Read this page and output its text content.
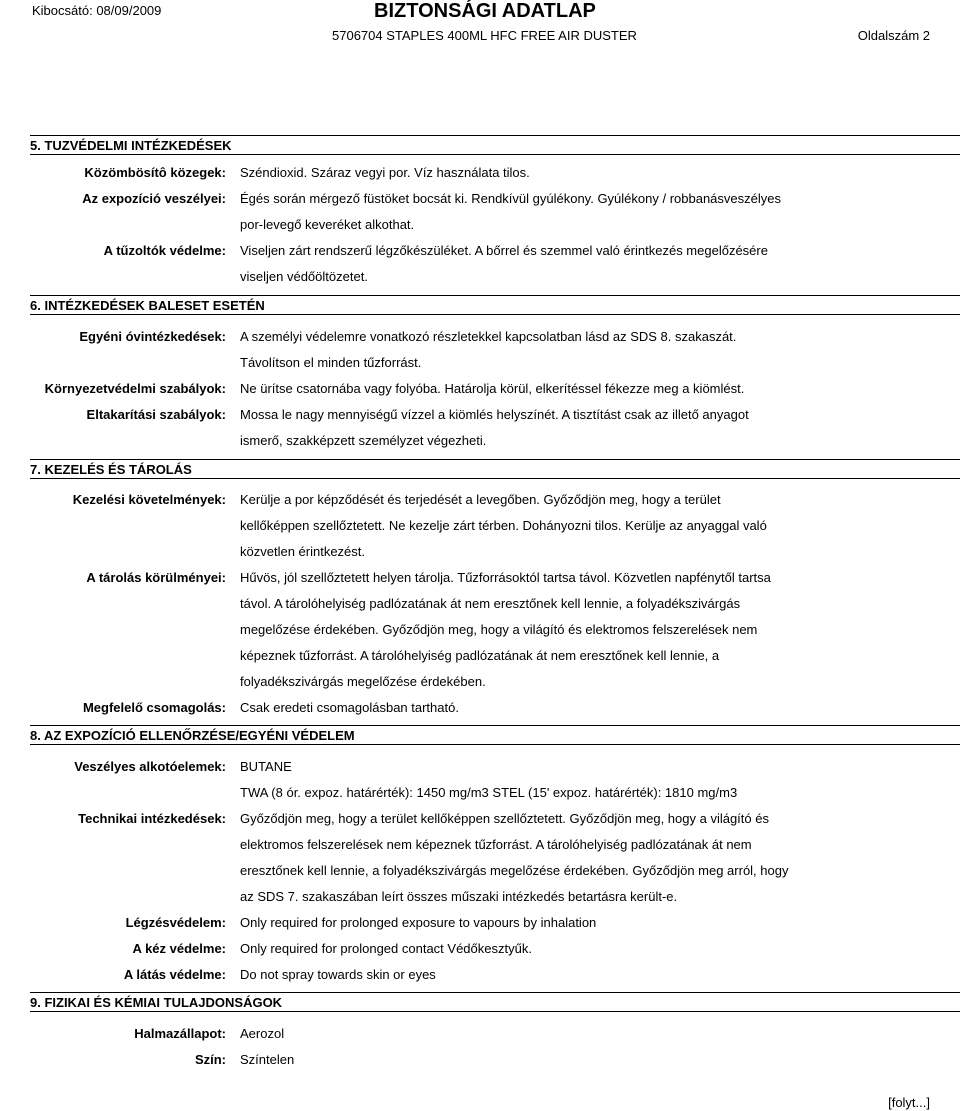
Kibocsátó: 08/09/2009	BIZTONSÁGI ADATLAP
5706704 STAPLES 400ML HFC FREE AIR DUSTER	Oldalszám 2
5. TUZVÉDELMI INTÉZKEDÉSEK
Közömbösítô közegek: Széndioxid. Száraz vegyi por. Víz használata tilos.
Az expozíció veszélyei: Égés során mérgező füstöket bocsát ki. Rendkívül gyúlékony. Gyúlékony / robbanásveszélyes
por-levegő keveréket alkothat.
A tűzoltók védelme: Viseljen zárt rendszerű légzőkészüléket. A bőrrel és szemmel való érintkezés megelőzésére
viseljen védőöltözetet.
6. INTÉZKEDÉSEK BALESET ESETÉN
Egyéni óvintézkedések: A személyi védelemre vonatkozó részletekkel kapcsolatban lásd az SDS 8. szakaszát.
Távolítson el minden tűzforrást.
Környezetvédelmi szabályok: Ne ürítse csatornába vagy folyóba. Határolja körül, elkerítéssel fékezze meg a kiömlést.
Eltakarítási szabályok: Mossa le nagy mennyiségű vízzel a kiömlés helyszínét. A tisztítást csak az illető anyagot
ismerő, szakképzett személyzet végezheti.
7. KEZELÉS ÉS TÁROLÁS
Kezelési követelmények: Kerülje a por képződését és terjedését a levegőben. Győződjön meg, hogy a terület
kellőképpen szellőztetett. Ne kezelje zárt térben. Dohányozni tilos. Kerülje az anyaggal való
közvetlen érintkezést.
A tárolás körülményei: Hűvös, jól szellőztetett helyen tárolja. Tűzforrásoktól tartsa távol. Közvetlen napfénytől tartsa
távol. A tárolóhelyiség padlózatának át nem eresztőnek kell lennie, a folyadékszivárgás
megelőzése érdekében. Győződjön meg, hogy a világító és elektromos felszerelések nem
képeznek tűzforrást. A tárolóhelyiség padlózatának át nem eresztőnek kell lennie, a
folyadékszivárgás megelőzése érdekében.
Megfelelő csomagolás: Csak eredeti csomagolásban tartható.
8. AZ EXPOZÍCIÓ ELLENŐRZÉSE/EGYÉNI VÉDELEM
Veszélyes alkotóelemek: BUTANE
TWA (8 ór. expoz. határérték): 1450 mg/m3 STEL (15' expoz. határérték): 1810 mg/m3
Technikai intézkedések: Győződjön meg, hogy a terület kellőképpen szellőztetett. Győződjön meg, hogy a világító és
elektromos felszerelések nem képeznek tűzforrást. A tárolóhelyiség padlózatának át nem
eresztőnek kell lennie, a folyadékszivárgás megelőzése érdekében. Győződjön meg arról, hogy
az SDS 7. szakaszában leírt összes műszaki intézkedés betartásra került-e.
Légzésvédelem: Only required for prolonged exposure to vapours by inhalation
A kéz védelme: Only required for prolonged contact Védőkesztyűk.
A látás védelme: Do not spray towards skin or eyes
9. FIZIKAI ÉS KÉMIAI TULAJDONSÁGOK
Halmazállapot: Aerozol
Szín: Színtelen
[folyt...]
